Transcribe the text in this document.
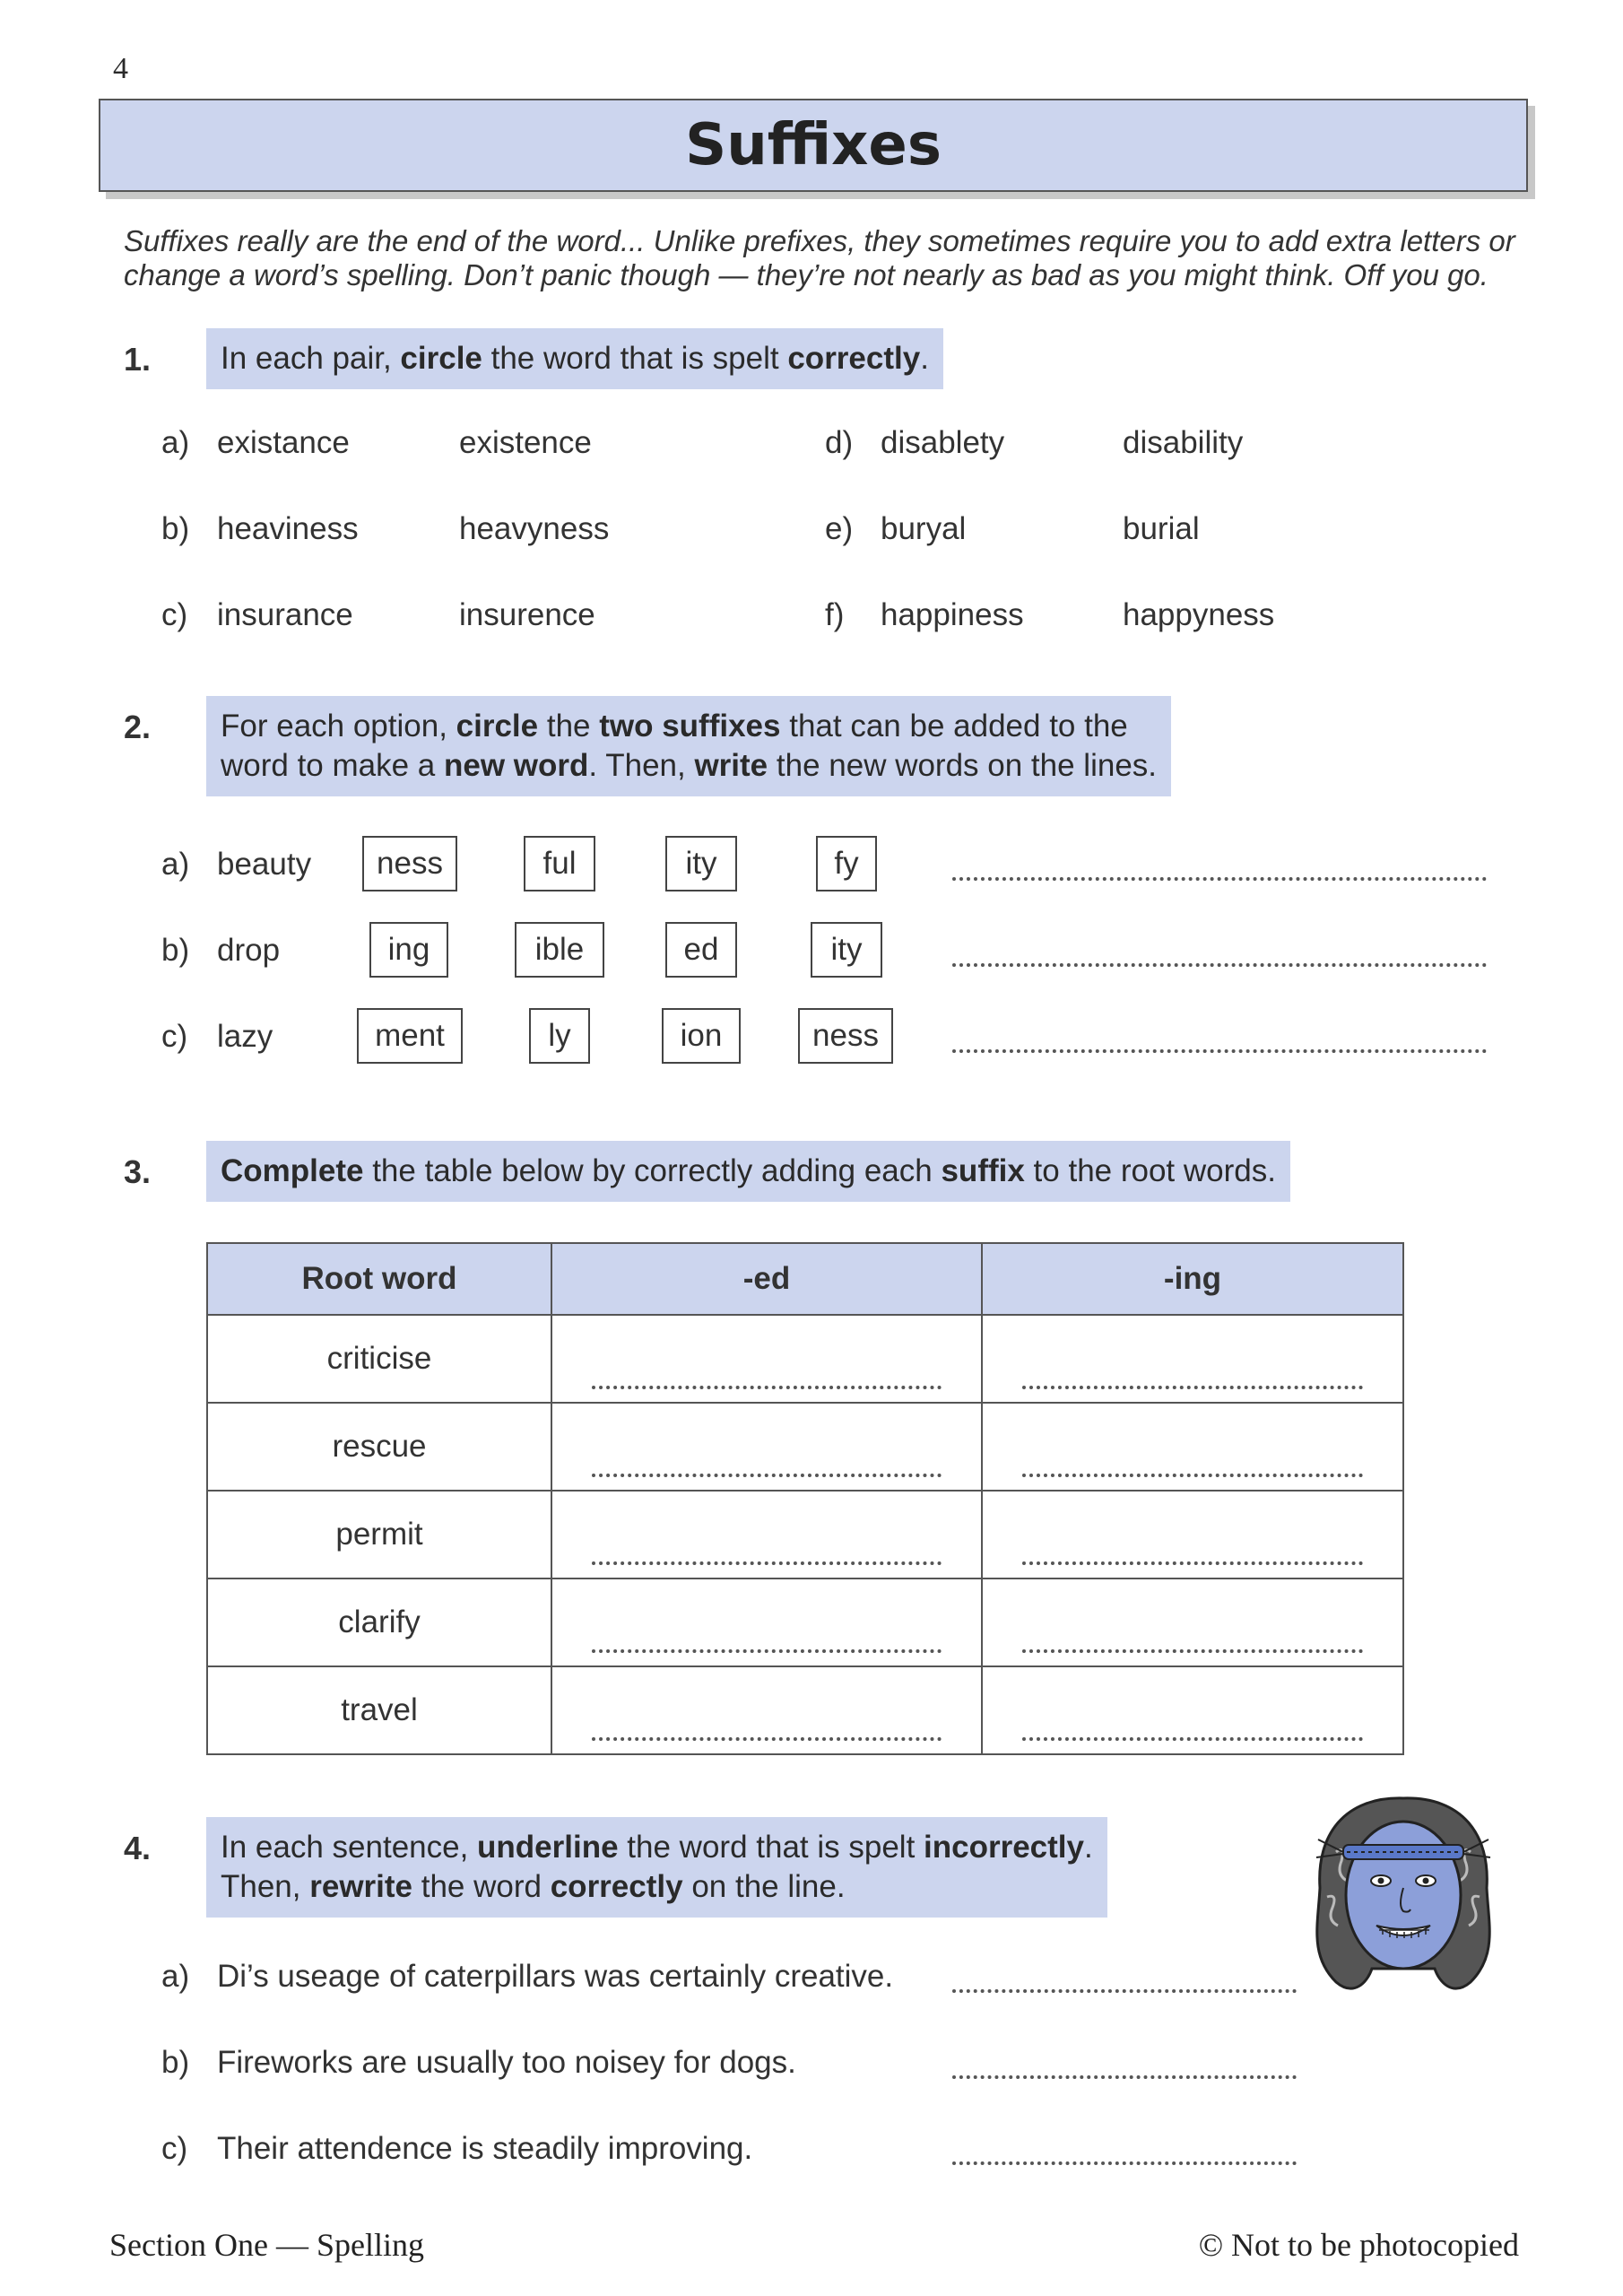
4
Suffixes
Suffixes really are the end of the word... Unlike prefixes, they sometimes require you to add extra letters or change a word’s spelling. Don’t panic though — they’re not nearly as bad as you might think. Off you go.
1.	In each pair, circle the word that is spelt correctly.
a) existance	existence
b) heaviness	heavyness
c) insurance	insurence
d) disablety	disability
e) buryal	burial
f) happiness	happyness
2. For each option, circle the two suffixes that can be added to the
word to make a new word. Then, write the new words on the lines.
a) beauty	ness	ful	ity	fy
b) drop	ing	ible	ed	ity
c) lazy	ment	ly	ion	ness
3.	Complete the table below by correctly adding each suffix to the root words.
Root word	-ed	-ing
criticise	

rescue	

permit	

clarify	

travel	

4. In each sentence, underline the word that is spelt incorrectly.
Then, rewrite the word correctly on the line.
a) Di’s useage of caterpillars was certainly creative.
b) Fireworks are usually too noisey for dogs.
c) Their attendence is steadily improving.
Section One — Spelling	© Not to be photocopied
